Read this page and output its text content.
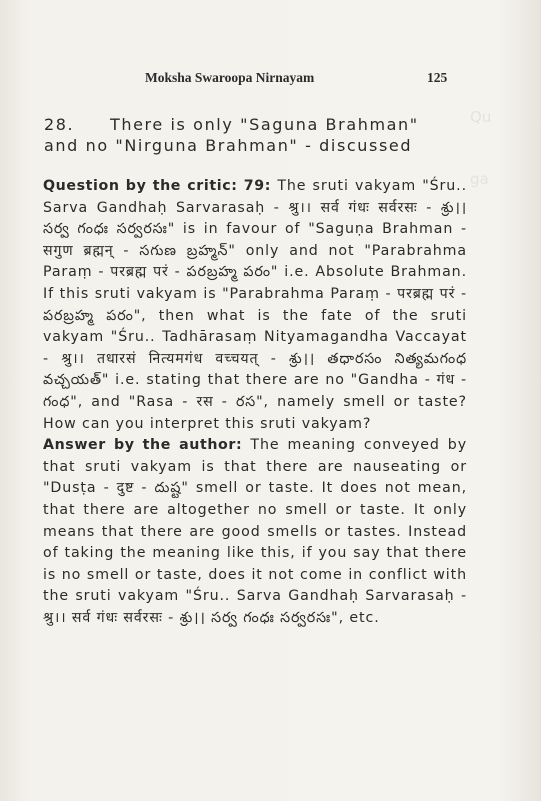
Qu
ga
Moksha Swaroopa Nirnayam	125
28. There is only "Saguna Brahman"
and no "Nirguna Brahman" - discussed

Question by the critic: 79: The sruti vakyam "Śru.. Sarva Gandhaḥ Sarvarasaḥ - श्रु।। सर्व गंधः सर्वरसः - శ్రు।। సర్వ గంధః సర్వరసః" is in favour of "Saguṇa Brahman - सगुण ब्रह्मन् - సగుణ బ్రహ్మన్" only and not "Parabrahma Paraṃ - परब्रह्म परं - పరబ్రహ్మ పరం" i.e. Absolute Brahman. If this sruti vakyam is "Parabrahma Paraṃ - परब्रह्म परं - పరబ్రహ్మ పరం", then what is the fate of the sruti vakyam "Śru.. Tadhārasaṃ Nityamagandha Vaccayat - श्रु।। तधारसं नित्यमगंध वच्चयत् - శ్రు।। తధారసం నిత్యమగంధ వచ్చయత్" i.e. stating that there are no "Gandha - गंध - గంధ", and "Rasa - रस - రస", namely smell or taste? How can you interpret this sruti vakyam?

Answer by the author: The meaning conveyed by that sruti vakyam is that there are nauseating or "Dusṭa - दुष्ट - దుష్ట" smell or taste. It does not mean, that there are altogether no smell or taste. It only means that there are good smells or tastes. Instead of taking the meaning like this, if you say that there is no smell or taste, does it not come in conflict with the sruti vakyam "Śru.. Sarva Gandhaḥ Sarvarasaḥ - श्रु।। सर्व गंधः सर्वरसः - శ్రు।। సర్వ గంధః సర్వరసః", etc.
